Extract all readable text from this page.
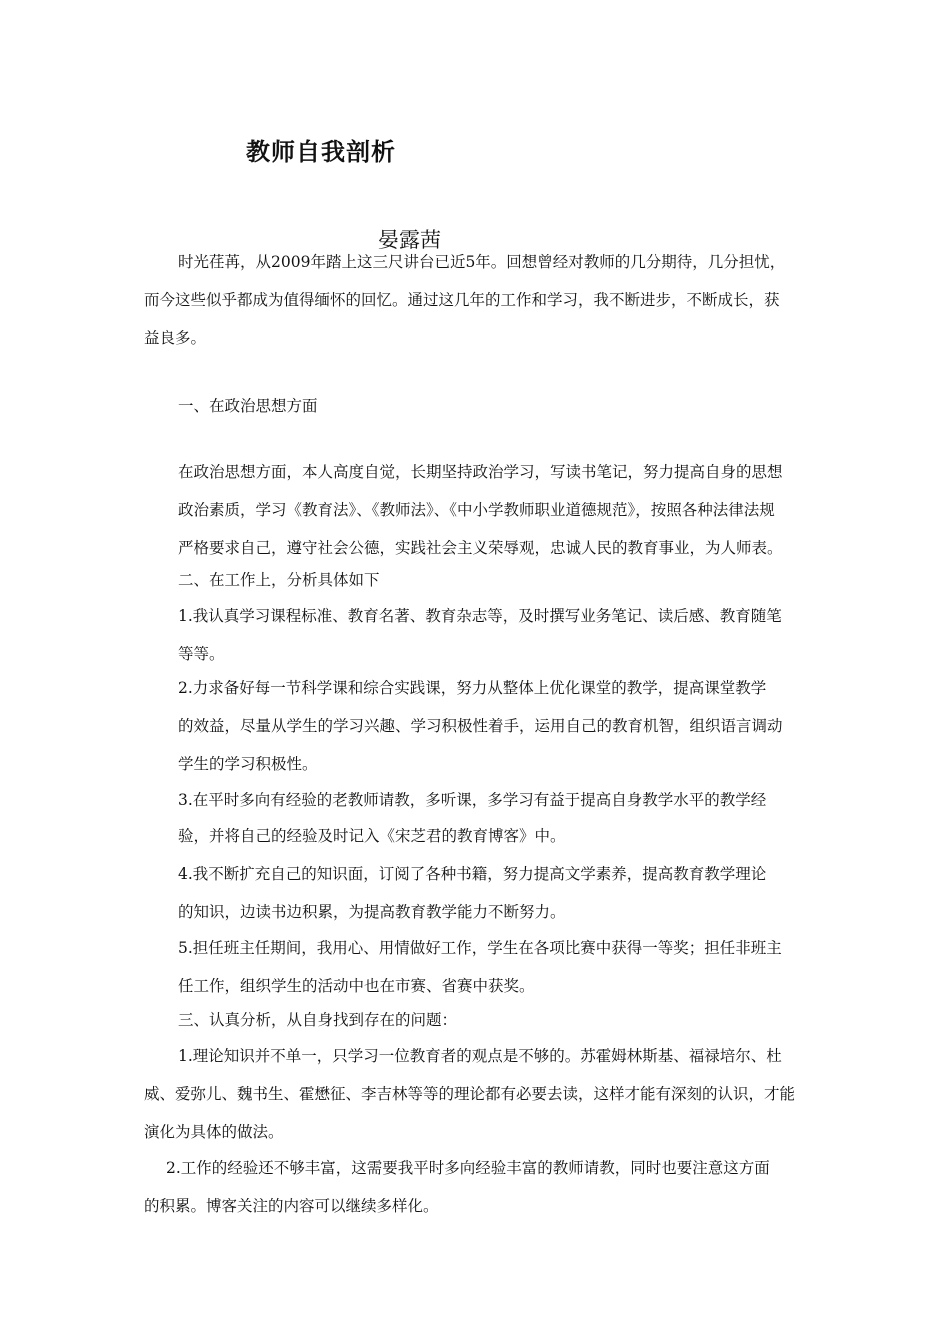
教师自我剖析
晏露茜
时光荏苒，从2009年踏上这三尺讲台已近5年。回想曾经对教师的几分期待，几分担忧，
而今这些似乎都成为值得缅怀的回忆。通过这几年的工作和学习，我不断进步，不断成长，获
益良多。
一、在政治思想方面
在政治思想方面，本人高度自觉，长期坚持政治学习，写读书笔记，努力提高自身的思想
政治素质，学习《教育法》、《教师法》、《中小学教师职业道德规范》，按照各种法律法规
严格要求自己，遵守社会公德，实践社会主义荣辱观，忠诚人民的教育事业，为人师表。
二、在工作上，分析具体如下
1.我认真学习课程标准、教育名著、教育杂志等，及时撰写业务笔记、读后感、教育随笔
等等。
2.力求备好每一节科学课和综合实践课，努力从整体上优化课堂的教学，提高课堂教学
的效益，尽量从学生的学习兴趣、学习积极性着手，运用自己的教育机智，组织语言调动
学生的学习积极性。
3.在平时多向有经验的老教师请教，多听课，多学习有益于提高自身教学水平的教学经
验，并将自己的经验及时记入《宋芝君的教育博客》中。
4.我不断扩充自己的知识面，订阅了各种书籍，努力提高文学素养，提高教育教学理论
的知识，边读书边积累，为提高教育教学能力不断努力。
5.担任班主任期间，我用心、用情做好工作，学生在各项比赛中获得一等奖；担任非班主
任工作，组织学生的活动中也在市赛、省赛中获奖。
三、认真分析，从自身找到存在的问题：
1.理论知识并不单一，只学习一位教育者的观点是不够的。苏霍姆林斯基、福禄培尔、杜
威、爱弥儿、魏书生、霍懋征、李吉林等等的理论都有必要去读，这样才能有深刻的认识，才能
演化为具体的做法。
2.工作的经验还不够丰富，这需要我平时多向经验丰富的教师请教，同时也要注意这方面
的积累。博客关注的内容可以继续多样化。
